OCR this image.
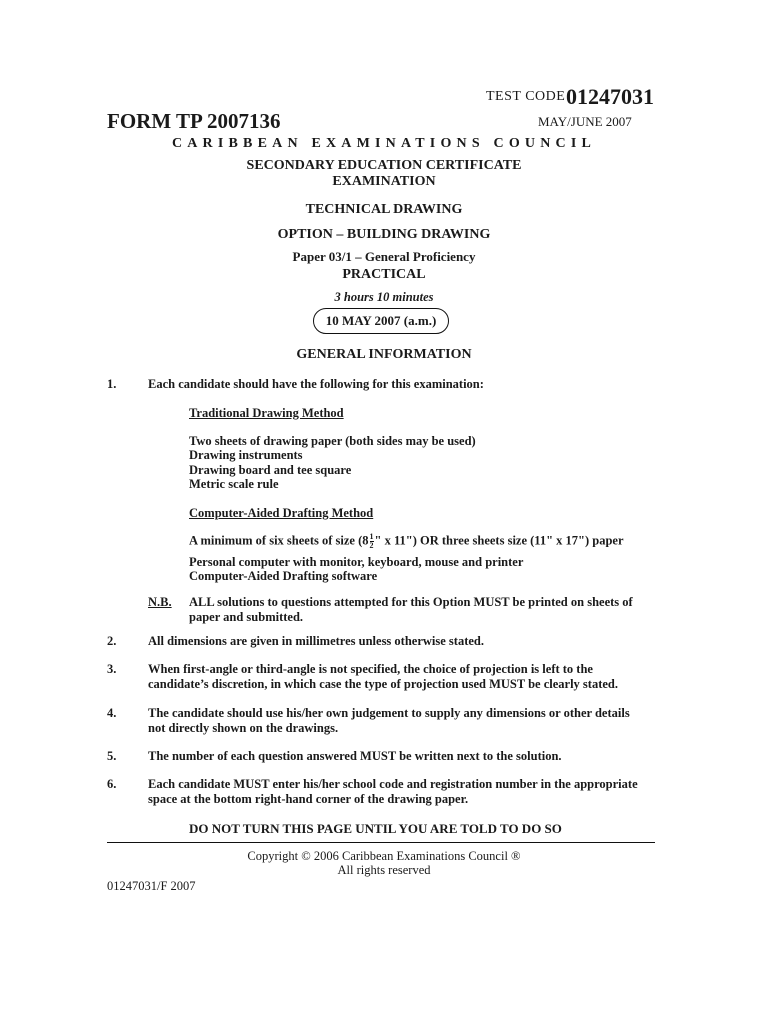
TEST CODE 01247031
FORM TP 2007136	MAY/JUNE 2007
CARIBBEAN EXAMINATIONS COUNCIL
SECONDARY EDUCATION CERTIFICATE
EXAMINATION
TECHNICAL DRAWING
OPTION – BUILDING DRAWING
Paper 03/1 – General Proficiency
PRACTICAL
3 hours 10 minutes
10 MAY 2007 (a.m.)
GENERAL INFORMATION
1.	Each candidate should have the following for this examination:
Traditional Drawing Method
Two sheets of drawing paper (both sides may be used)
Drawing instruments
Drawing board and tee square
Metric scale rule
Computer-Aided Drafting Method
A minimum of six sheets of size ($8 \frac{1}{2}$ " x 11") OR three sheets size (11" x 17") paper
Personal computer with monitor, keyboard, mouse and printer
Computer-Aided Drafting software
N.B. ALL solutions to questions attempted for this Option MUST be printed on sheets of
paper and submitted.
2.	All dimensions are given in millimetres unless otherwise stated.
3.	When first-angle or third-angle is not specified, the choice of projection is left to the
candidate’s discretion, in which case the type of projection used MUST be clearly stated.
4.	The candidate should use his/her own judgement to supply any dimensions or other details
not directly shown on the drawings.
5.	The number of each question answered MUST be written next to the solution.
6.	Each candidate MUST enter his/her school code and registration number in the appropriate
space at the bottom right-hand corner of the drawing paper.
DO NOT TURN THIS PAGE UNTIL YOU ARE TOLD TO DO SO
Copyright © 2006 Caribbean Examinations Council ®
All rights reserved
01247031/F 2007
